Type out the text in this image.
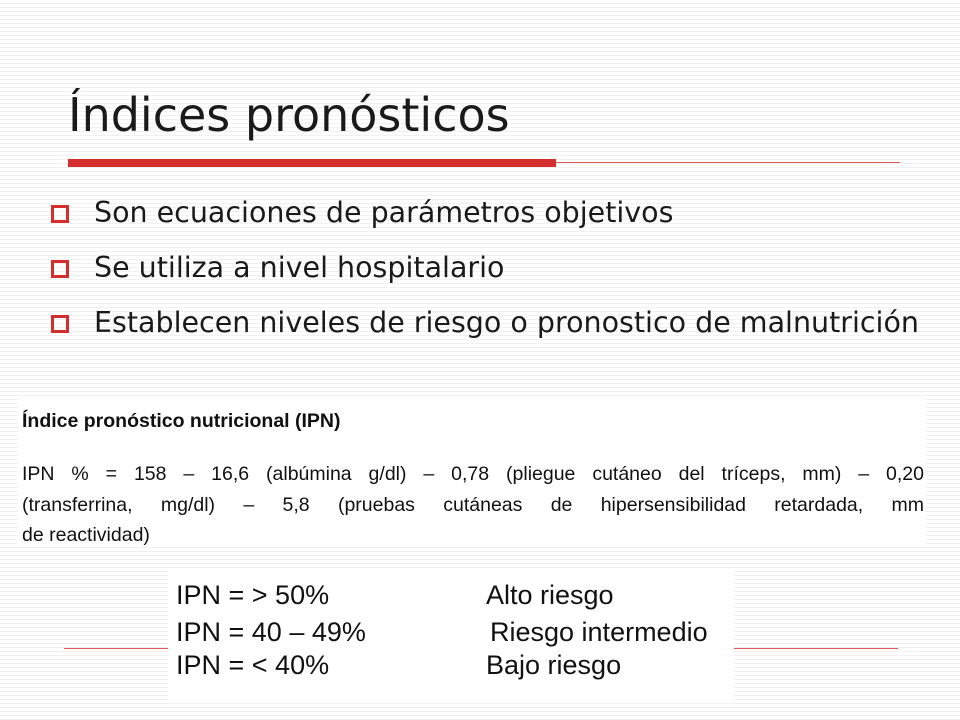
Índices pronósticos
Son ecuaciones de parámetros objetivos
Se utiliza a nivel hospitalario
Establecen niveles de riesgo o pronostico de malnutrición
Índice pronóstico nutricional (IPN)
IPN % = 158 – 16,6 (albúmina g/dl) – 0,78 (pliegue cutáneo del tríceps, mm) – 0,20
(transferrina, mg/dl) – 5,8 (pruebas cutáneas de hipersensibilidad retardada, mm
de reactividad)
IPN = > 50%	Alto riesgo
IPN = 40 – 49%	Riesgo intermedio
IPN = < 40%	Bajo riesgo
